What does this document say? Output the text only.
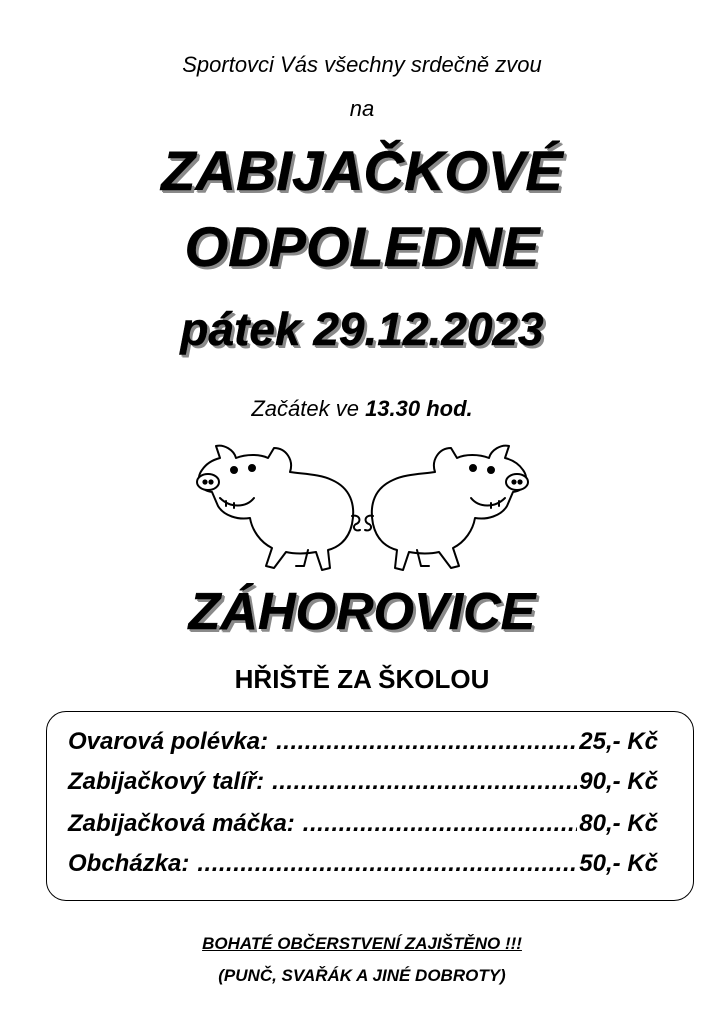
Sportovci Vás všechny srdečně zvou
na
ZABIJAČKOVÉ
ODPOLEDNE
pátek 29.12.2023
Začátek ve 13.30 hod.
ZÁHOROVICE
HŘIŠTĚ ZA ŠKOLOU
Ovarová polévka: .....	25,- Kč
Zabijačkový talíř: .....	90,- Kč
Zabijačková máčka: .....	80,- Kč
Obcházka: .....	50,- Kč
BOHATÉ OBČERSTVENÍ ZAJIŠTĚNO !!!
(PUNČ, SVAŘÁK A JINÉ DOBROTY)
